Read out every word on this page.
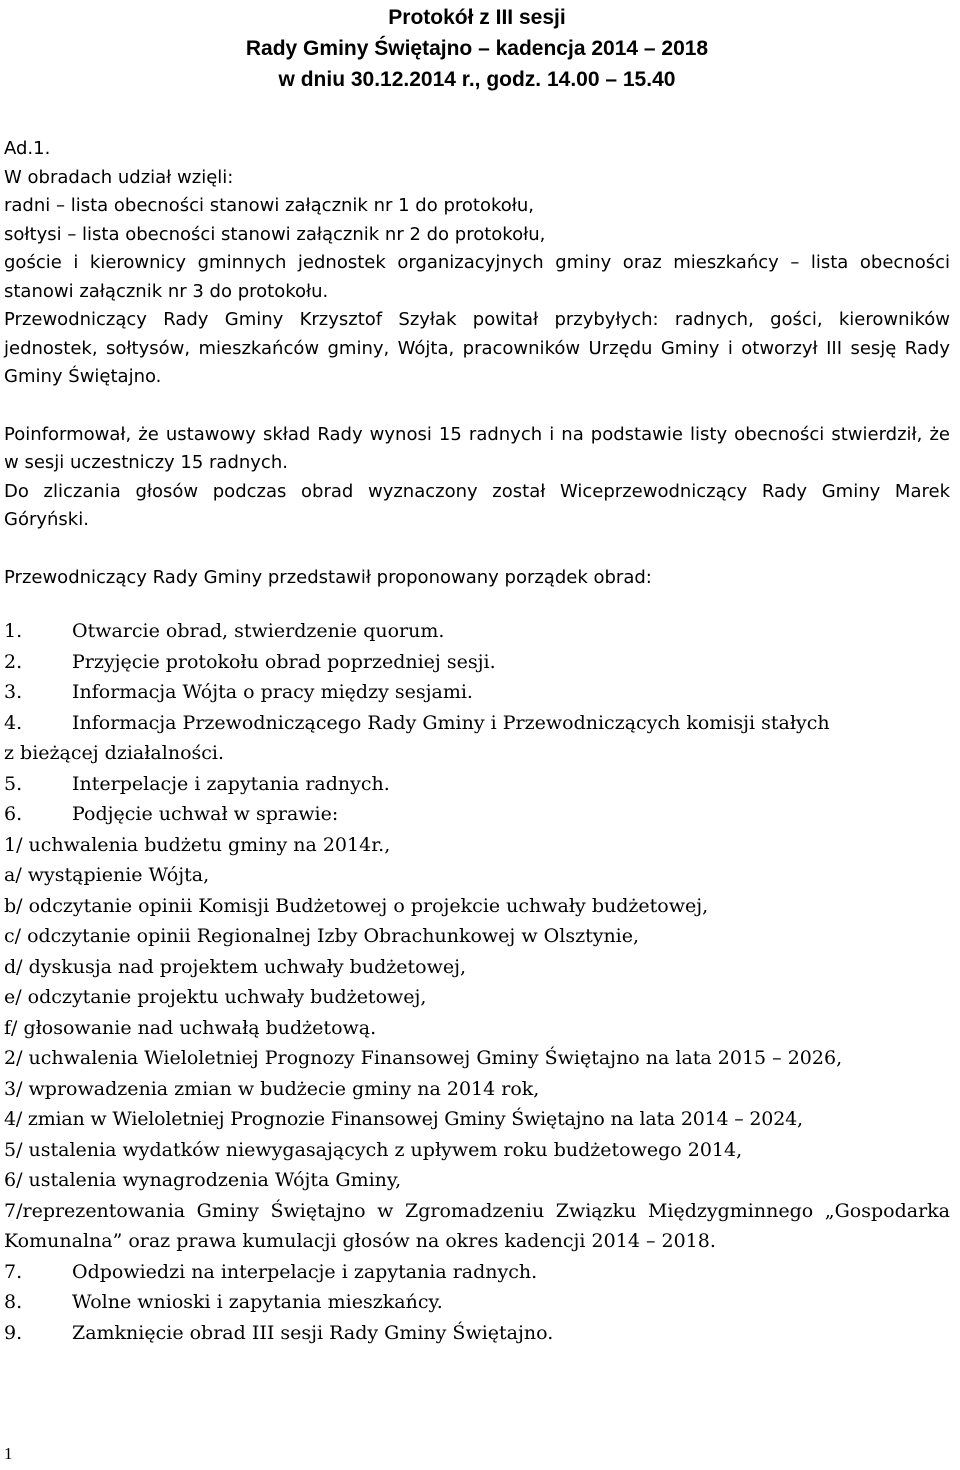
Protokół z III sesji
Rady Gminy Świętajno – kadencja 2014 – 2018
w dniu 30.12.2014 r., godz. 14.00 – 15.40

Ad.1.

W obradach udział wzięli:

radni – lista obecności stanowi załącznik nr 1 do protokołu,

sołtysi – lista obecności stanowi załącznik nr 2 do protokołu,

goście i kierownicy gminnych jednostek organizacyjnych gminy oraz mieszkańcy – lista obecności stanowi załącznik nr 3 do protokołu.

Przewodniczący Rady Gminy Krzysztof Szyłak powitał przybyłych: radnych, gości, kierowników jednostek, sołtysów, mieszkańców gminy, Wójta, pracowników Urzędu Gminy i otworzył III sesję Rady Gminy Świętajno.

Poinformował, że ustawowy skład Rady wynosi 15 radnych i na podstawie listy obecności stwierdził, że w sesji uczestniczy 15 radnych.

Do zliczania głosów podczas obrad wyznaczony został Wiceprzewodniczący Rady Gminy Marek Góryński.

Przewodniczący Rady Gminy przedstawił proponowany porządek obrad:

1.	Otwarcie obrad, stwierdzenie quorum.
2.	Przyjęcie protokołu obrad poprzedniej sesji.
3.	Informacja Wójta o pracy między sesjami.
4.	Informacja Przewodniczącego Rady Gminy i Przewodniczących komisji stałych

z bieżącej działalności.

5.	Interpelacje i zapytania radnych.
6.	Podjęcie uchwał w sprawie:

1/ uchwalenia budżetu gminy na 2014r.,

a/ wystąpienie Wójta,

b/ odczytanie opinii Komisji Budżetowej o projekcie uchwały budżetowej,

c/ odczytanie opinii Regionalnej Izby Obrachunkowej w Olsztynie,

d/ dyskusja nad projektem uchwały budżetowej,

e/ odczytanie projektu uchwały budżetowej,

f/ głosowanie nad uchwałą budżetową.

2/ uchwalenia Wieloletniej Prognozy Finansowej Gminy Świętajno na lata 2015 – 2026,

3/ wprowadzenia zmian w budżecie gminy na 2014 rok,

4/ zmian w Wieloletniej Prognozie Finansowej Gminy Świętajno na lata 2014 – 2024,

5/ ustalenia wydatków niewygasających z upływem roku budżetowego 2014,

6/ ustalenia wynagrodzenia Wójta Gminy,

7/reprezentowania Gminy Świętajno w Zgromadzeniu Związku Międzygminnego „Gospodarka Komunalna” oraz prawa kumulacji głosów na okres kadencji 2014 – 2018.

7.	Odpowiedzi na interpelacje i zapytania radnych.
8.	Wolne wnioski i zapytania mieszkańcy.
9.	Zamknięcie obrad III sesji Rady Gminy Świętajno.
1
